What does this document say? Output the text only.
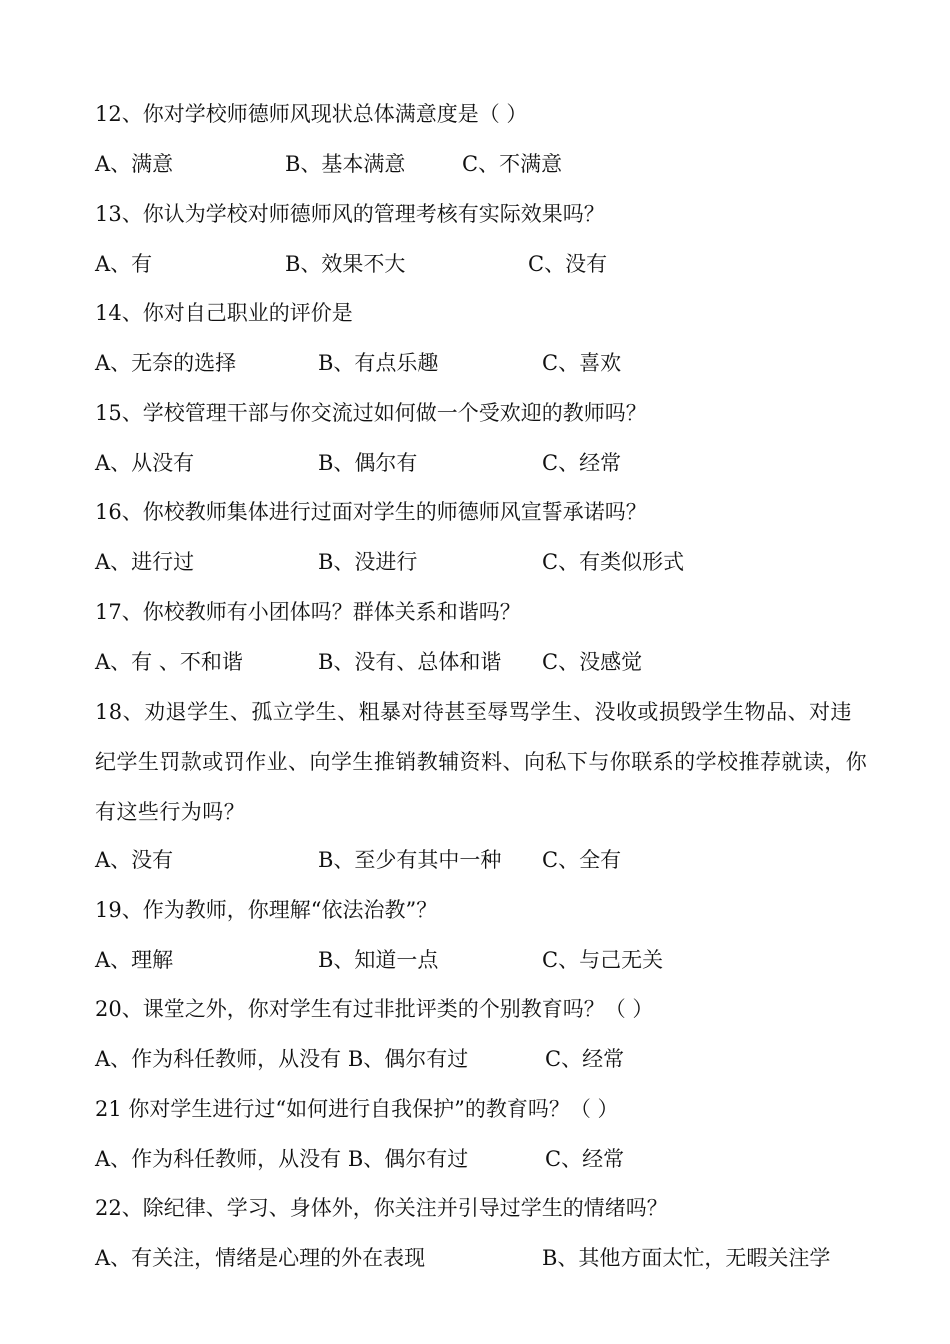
12、你对学校师德师风现状总体满意度是（ ）
A、满意	B、基本满意	C、不满意
13、你认为学校对师德师风的管理考核有实际效果吗？
A、有	B、效果不大	C、没有
14、你对自己职业的评价是
A、无奈的选择	B、有点乐趣	C、喜欢
15、学校管理干部与你交流过如何做一个受欢迎的教师吗？
A、从没有	B、偶尔有	C、经常
16、你校教师集体进行过面对学生的师德师风宣誓承诺吗？
A、进行过	B、没进行	C、有类似形式
17、你校教师有小团体吗？群体关系和谐吗？
A、有 、不和谐	B、没有、总体和谐 C、没感觉
18、劝退学生、孤立学生、粗暴对待甚至辱骂学生、没收或损毁学生物品、对违纪学生罚款或罚作业、向学生推销教辅资料、向私下与你联系的学校推荐就读，你有这些行为吗？
A、没有	B、至少有其中一种 C、全有
19、作为教师，你理解“依法治教”？
A、理解	B、知道一点	C、与己无关
20、课堂之外，你对学生有过非批评类的个别教育吗？（ ）
A、作为科任教师，从没有 B、偶尔有过	C、经常
21 你对学生进行过“如何进行自我保护”的教育吗？（ ）
A、作为科任教师，从没有 B、偶尔有过	C、经常
22、除纪律、学习、身体外，你关注并引导过学生的情绪吗？
A、有关注，情绪是心理的外在表现	B、其他方面太忙，无暇关注学
